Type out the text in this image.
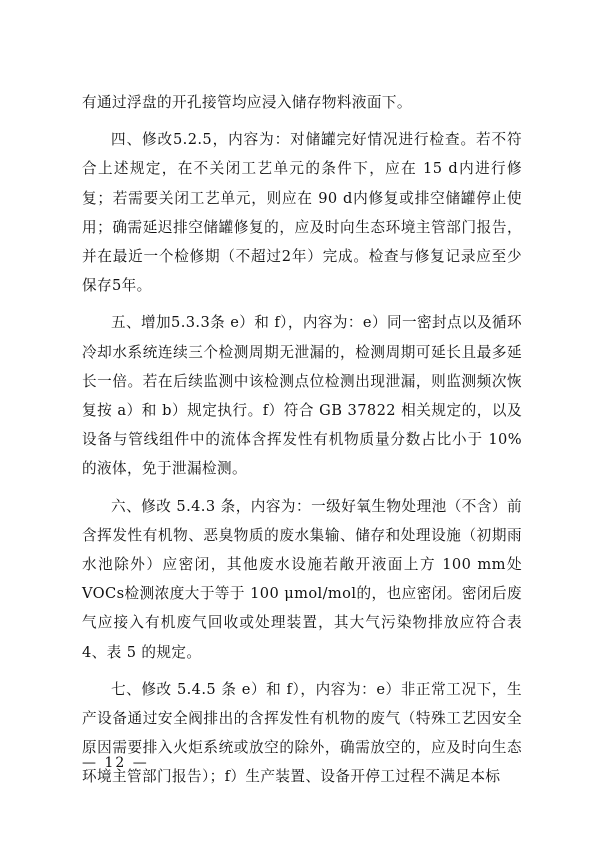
有通过浮盘的开孔接管均应浸入储存物料液面下。

四、修改5.2.5，内容为：对储罐完好情况进行检查。若不符合上述规定，在不关闭工艺单元的条件下，应在 15 d内进行修复；若需要关闭工艺单元，则应在 90 d内修复或排空储罐停止使用；确需延迟排空储罐修复的，应及时向生态环境主管部门报告，并在最近一个检修期（不超过2年）完成。检查与修复记录应至少保存5年。

五、增加5.3.3条 e）和 f），内容为：e）同一密封点以及循环冷却水系统连续三个检测周期无泄漏的，检测周期可延长且最多延长一倍。若在后续监测中该检测点位检测出现泄漏，则监测频次恢复按 a）和 b）规定执行。f）符合 GB 37822 相关规定的，以及设备与管线组件中的流体含挥发性有机物质量分数占比小于 10%的液体，免于泄漏检测。

六、修改 5.4.3 条，内容为：一级好氧生物处理池（不含）前含挥发性有机物、恶臭物质的废水集输、储存和处理设施（初期雨水池除外）应密闭，其他废水设施若敞开液面上方 100 mm处VOCs检测浓度大于等于 100 μmol/mol的，也应密闭。密闭后废气应接入有机废气回收或处理装置，其大气污染物排放应符合表 4、表 5 的规定。

七、修改 5.4.5 条 e）和 f），内容为：e）非正常工况下，生产设备通过安全阀排出的含挥发性有机物的废气（特殊工艺因安全原因需要排入火炬系统或放空的除外，确需放空的，应及时向生态环境主管部门报告）；f）生产装置、设备开停工过程不满足本标

— 12 —
